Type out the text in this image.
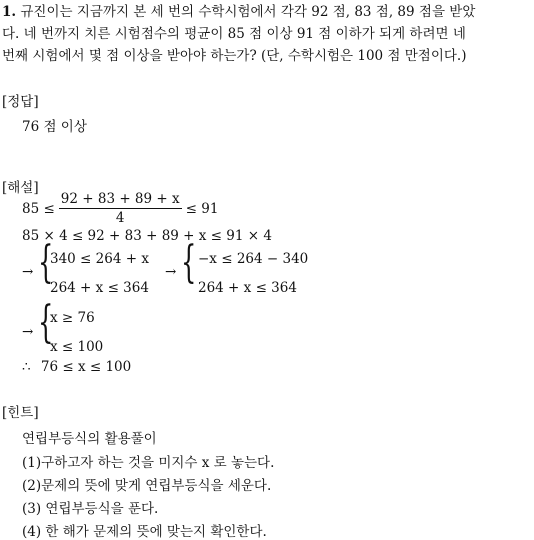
1. 규진이는 지금까지 본 세 번의 수학시험에서 각각 92 점, 83 점, 89 점을 받았
다. 네 번까지 치른 시험점수의 평균이 85 점 이상 91 점 이하가 되게 하려면 네
번째 시험에서 몇 점 이상을 받아야 하는가? (단, 수학시험은 100 점 만점이다.)
[정답]
76 점 이상
[해설]
$85 \le \frac{92 + 83 + 89 + x}{4} \le 91$
85 × 4 ≤ 92 + 83 + 89 + x ≤ 91 × 4
→ {
340 ≤ 264 + x
264 + x ≤ 364
→ { −x ≤ 264 − 340
264 + x ≤ 364
→ {
x ≥ 76
x ≤ 100
∴ 76 ≤ x ≤ 100
[힌트]
연립부등식의 활용풀이
(1)구하고자 하는 것을 미지수 x 로 놓는다.
(2)문제의 뜻에 맞게 연립부등식을 세운다.
(3) 연립부등식을 푼다.
(4) 한 해가 문제의 뜻에 맞는지 확인한다.
